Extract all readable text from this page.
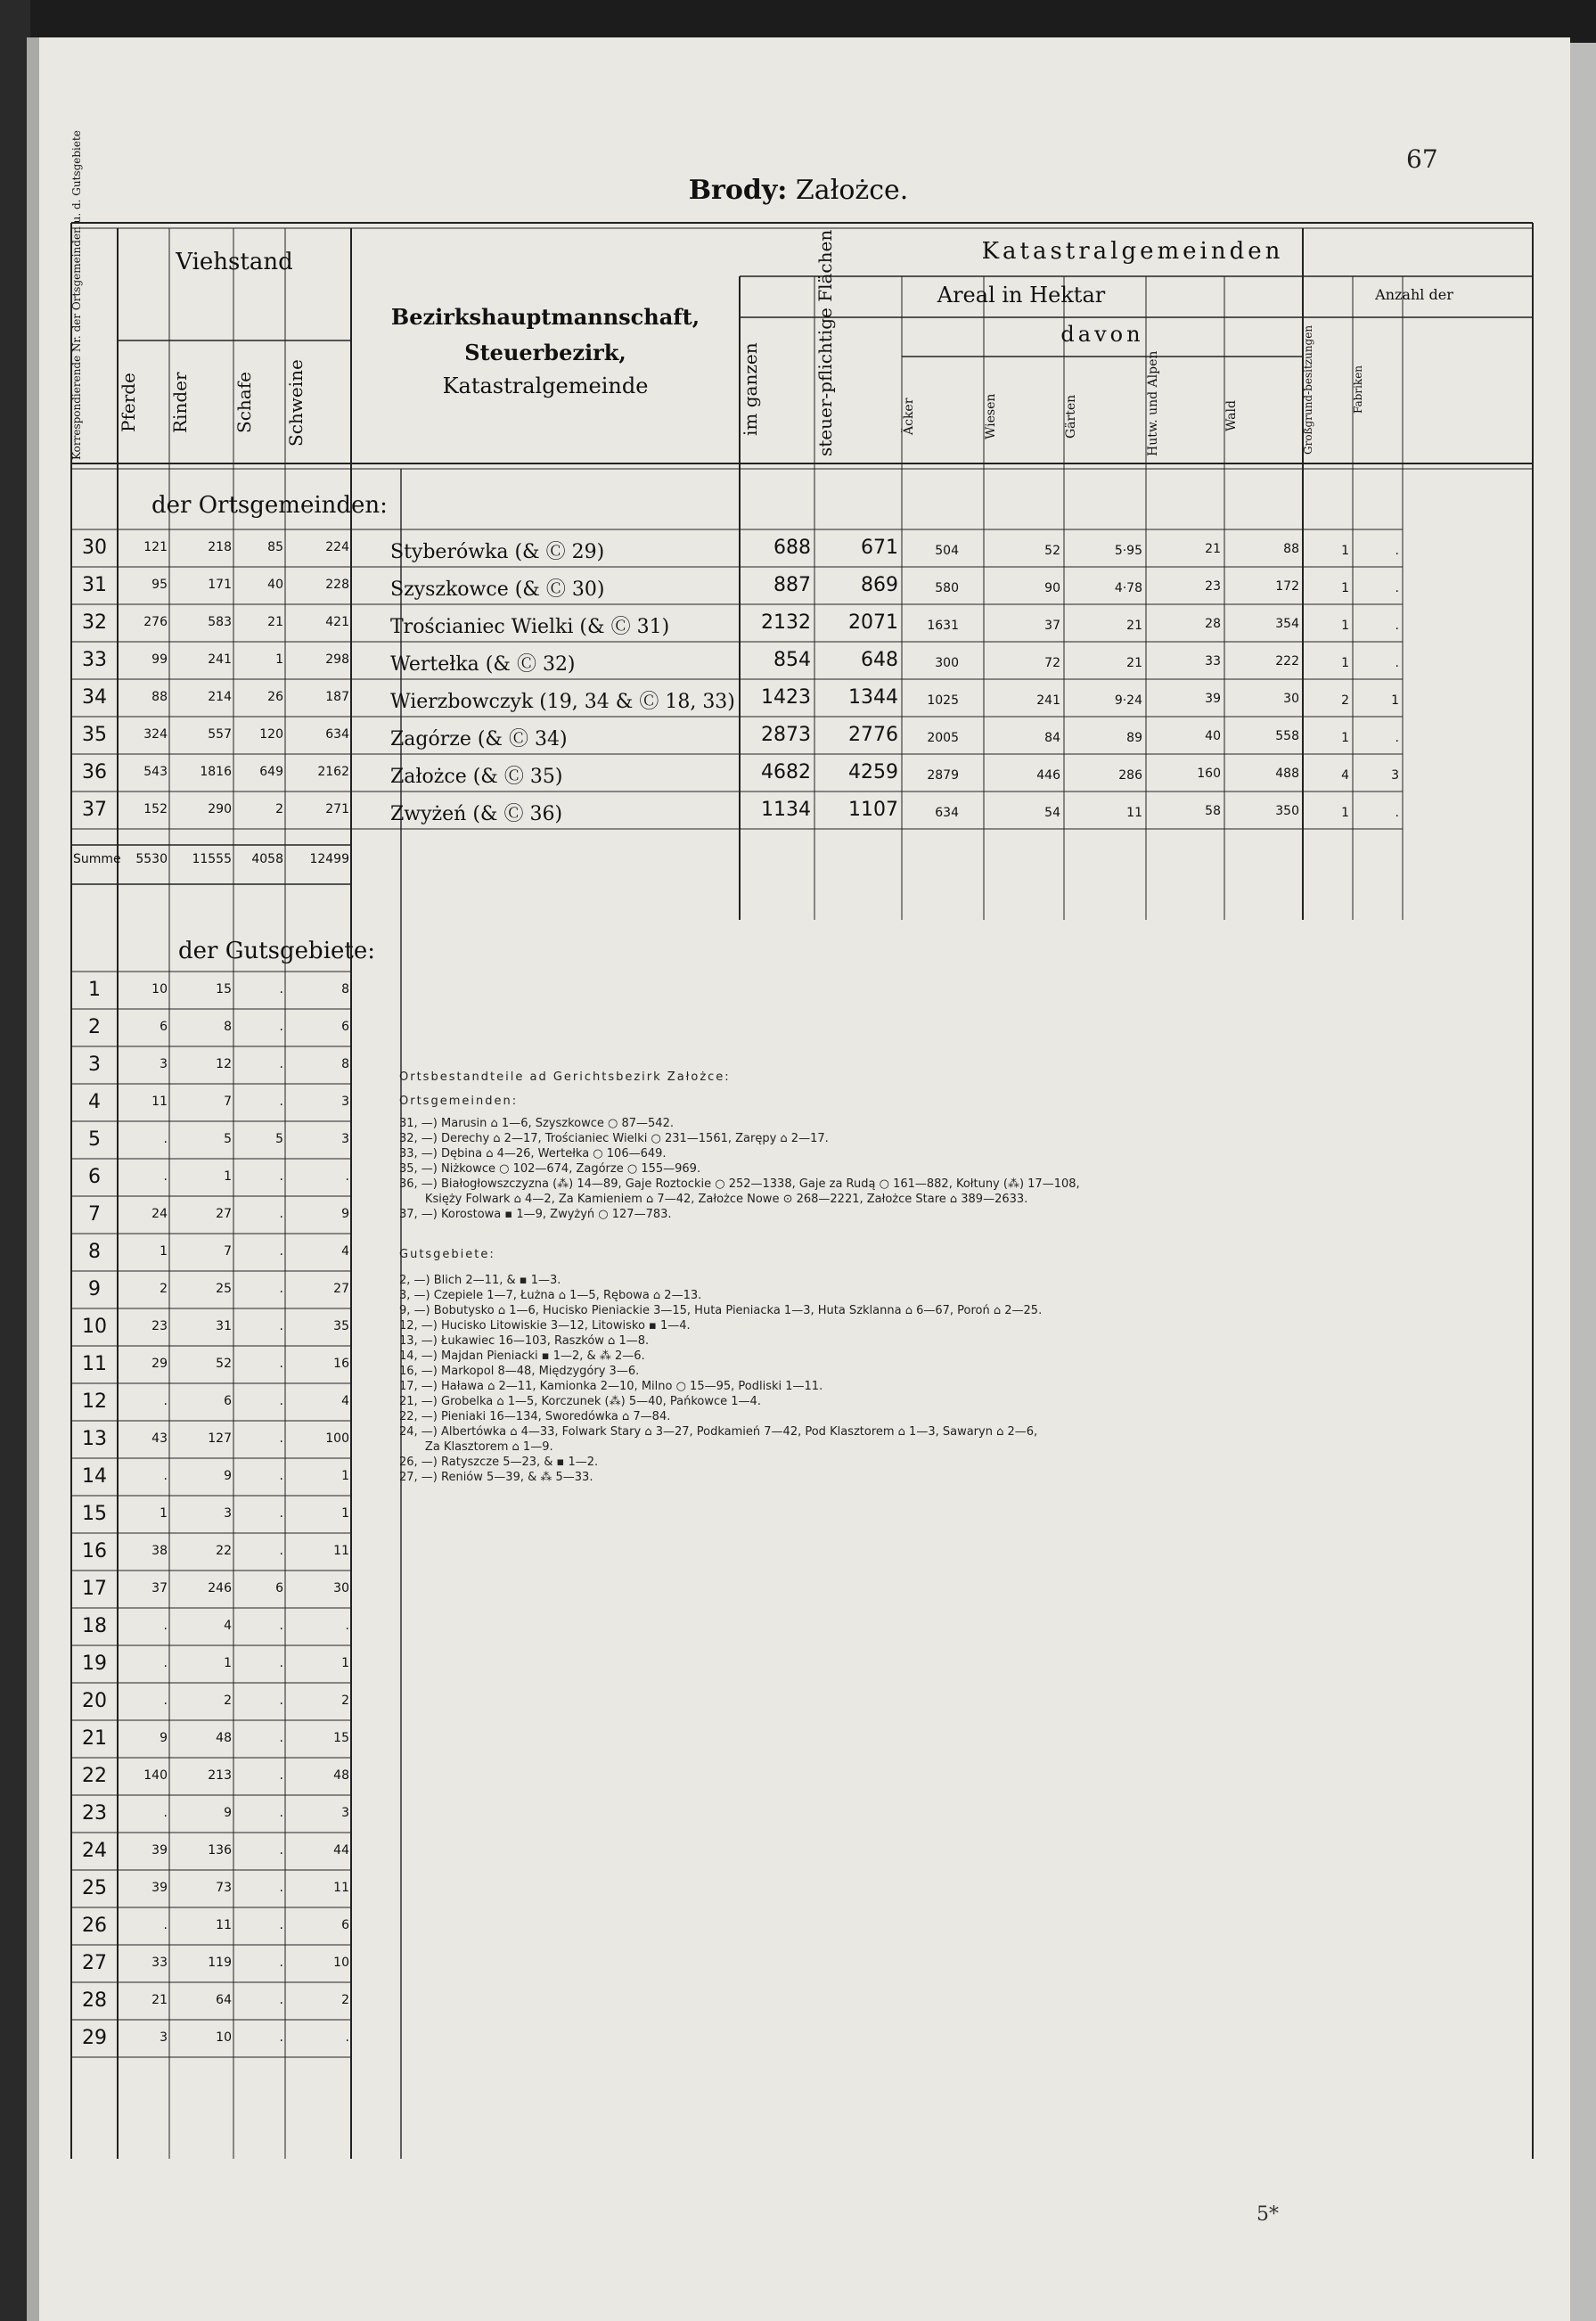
67
Brody: Założce.
Korrespondierende Nr. der Ortsgemeinden u. d. Gutsgebiete	Viehstand
Pferde	Rinder	Schafe	Schweine
Bezirkshauptmannschaft,
Steuerbezirk,
Katastralgemeinde
Katastralgemeinden
Areal in Hektar	Anzahl der
davon
im ganzen	steuer-pflichtige Flächen	Äcker	Wiesen	Gärten	Hutw. und Alpen	Wald	Großgrund-besitzungen	Fabriken
der Ortsgemeinden:
der Gutsgebiete:
30	121	218	85	224 Styberówka (& Ⓒ 29)	688	671	504	52	5·95	21	88	1	.
31	95	171	40	228 Szyszkowce (& Ⓒ 30)	887	869	580	90	4·78	23	172	1	.
32	276	583	21	421 Trościaniec Wielki (& Ⓒ 31)	2132	2071	1631	37	21	28	354	1	.
33	99	241	1	298 Wertełka (& Ⓒ 32)	854	648	300	72	21	33	222	1	.
34	88	214	26	187 Wierzbowczyk (19, 34 & Ⓒ 18, 33)	1423	1344	1025	241	9·24	39	30	2	1
35	324	557	120	634 Zagórze (& Ⓒ 34)	2873	2776	2005	84	89	40	558	1	.
36	543	1816	649	2162 Założce (& Ⓒ 35)	4682	4259	2879	446	286	160	488	4	3
37	152	290	2	271 Zwyżeń (& Ⓒ 36)	1134	1107	634	54	11	58	350	1	.
Summe	5530	11555	4058	12499
1	10	15	.	8
2	6	8	.	6
3	3	12	.	8
4	11	7	.	3
5	.	5	5	3
6	.	1	.	.
7	24	27	.	9
8	1	7	.	4
9	2	25	.	27
10	23	31	.	35
11	29	52	.	16
12	.	6	.	4
13	43	127	.	100
14	.	9	.	1
15	1	3	.	1
16	38	22	.	11
17	37	246	6	30
18	.	4	.	.
19	.	1	.	1
20	.	2	.	2
21	9	48	.	15
22	140	213	.	48
23	.	9	.	3
24	39	136	.	44
25	39	73	.	11
26	.	11	.	6
27	33	119	.	10
28	21	64	.	2
29	3	10	.	.
Ortsbestandteile ad Gerichtsbezirk Założce:
Ortsgemeinden:
31, —) Marusin ⌂ 1—6, Szyszkowce ○ 87—542.
32, —) Derechy ⌂ 2—17, Trościaniec Wielki ○ 231—1561, Zarępy ⌂ 2—17.
33, —) Dębina ⌂ 4—26, Wertełka ○ 106—649.
35, —) Niżkowce ○ 102—674, Zagórze ○ 155—969.
36, —) Białogłowszczyzna (⁂) 14—89, Gaje Roztockie ○ 252—1338, Gaje za Rudą ○ 161—882, Kołtuny (⁂) 17—108,
Księży Folwark ⌂ 4—2, Za Kamieniem ⌂ 7—42, Założce Nowe ⊙ 268—2221, Założce Stare ⌂ 389—2633.
37, —) Korostowa ▪ 1—9, Zwyżyń ○ 127—783.
Gutsgebiete:
2, —) Blich 2—11, & ▪ 1—3.
3, —) Czepiele 1—7, Łużna ⌂ 1—5, Rębowa ⌂ 2—13.
9, —) Bobutysko ⌂ 1—6, Hucisko Pieniackie 3—15, Huta Pieniacka 1—3, Huta Szklanna ⌂ 6—67, Poroń ⌂ 2—25.
12, —) Hucisko Litowiskie 3—12, Litowisko ▪ 1—4.
13, —) Łukawiec 16—103, Raszków ⌂ 1—8.
14, —) Majdan Pieniacki ▪ 1—2, & ⁂ 2—6.
16, —) Markopol 8—48, Międzygóry 3—6.
17, —) Haława ⌂ 2—11, Kamionka 2—10, Milno ○ 15—95, Podliski 1—11.
21, —) Grobelka ⌂ 1—5, Korczunek (⁂) 5—40, Pańkowce 1—4.
22, —) Pieniaki 16—134, Sworedówka ⌂ 7—84.
24, —) Albertówka ⌂ 4—33, Folwark Stary ⌂ 3—27, Podkamień 7—42, Pod Klasztorem ⌂ 1—3, Sawaryn ⌂ 2—6,
Za Klasztorem ⌂ 1—9.
26, —) Ratyszcze 5—23, & ▪ 1—2.
27, —) Reniów 5—39, & ⁂ 5—33.
5*
